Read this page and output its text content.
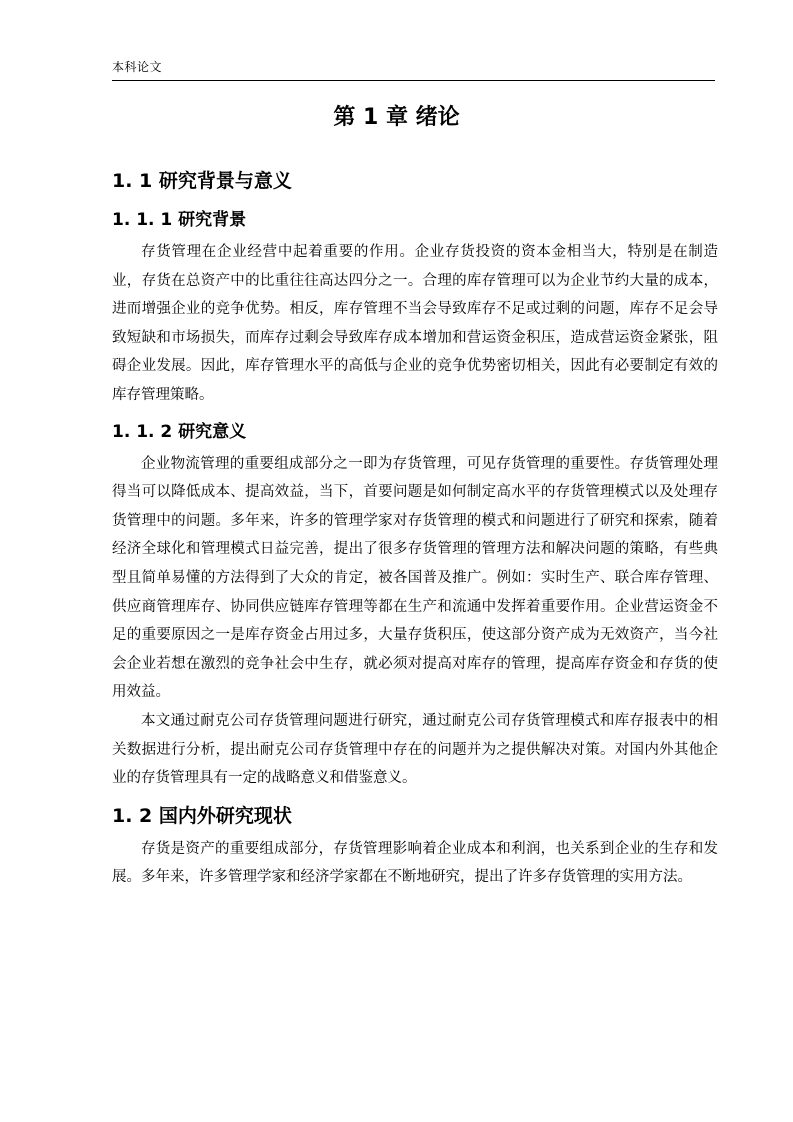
本科论文
第 1 章 绪论
1. 1 研究背景与意义
1. 1. 1 研究背景

存货管理在企业经营中起着重要的作用。企业存货投资的资本金相当大，特别是在制造业，存货在总资产中的比重往往高达四分之一。合理的库存管理可以为企业节约大量的成本，进而增强企业的竞争优势。相反，库存管理不当会导致库存不足或过剩的问题，库存不足会导致短缺和市场损失，而库存过剩会导致库存成本增加和营运资金积压，造成营运资金紧张，阻碍企业发展。因此，库存管理水平的高低与企业的竞争优势密切相关，因此有必要制定有效的库存管理策略。

1. 1. 2 研究意义

企业物流管理的重要组成部分之一即为存货管理，可见存货管理的重要性。存货管理处理得当可以降低成本、提高效益，当下，首要问题是如何制定高水平的存货管理模式以及处理存货管理中的问题。多年来，许多的管理学家对存货管理的模式和问题进行了研究和探索，随着经济全球化和管理模式日益完善，提出了很多存货管理的管理方法和解决问题的策略，有些典型且简单易懂的方法得到了大众的肯定，被各国普及推广。例如：实时生产、联合库存管理、供应商管理库存、协同供应链库存管理等都在生产和流通中发挥着重要作用。企业营运资金不足的重要原因之一是库存资金占用过多，大量存货积压，使这部分资产成为无效资产，当今社会企业若想在激烈的竞争社会中生存，就必须对提高对库存的管理，提高库存资金和存货的使用效益。

本文通过耐克公司存货管理问题进行研究，通过耐克公司存货管理模式和库存报表中的相关数据进行分析，提出耐克公司存货管理中存在的问题并为之提供解决对策。对国内外其他企业的存货管理具有一定的战略意义和借鉴意义。

1. 2 国内外研究现状

存货是资产的重要组成部分，存货管理影响着企业成本和利润，也关系到企业的生存和发展。多年来，许多管理学家和经济学家都在不断地研究，提出了许多存货管理的实用方法。
